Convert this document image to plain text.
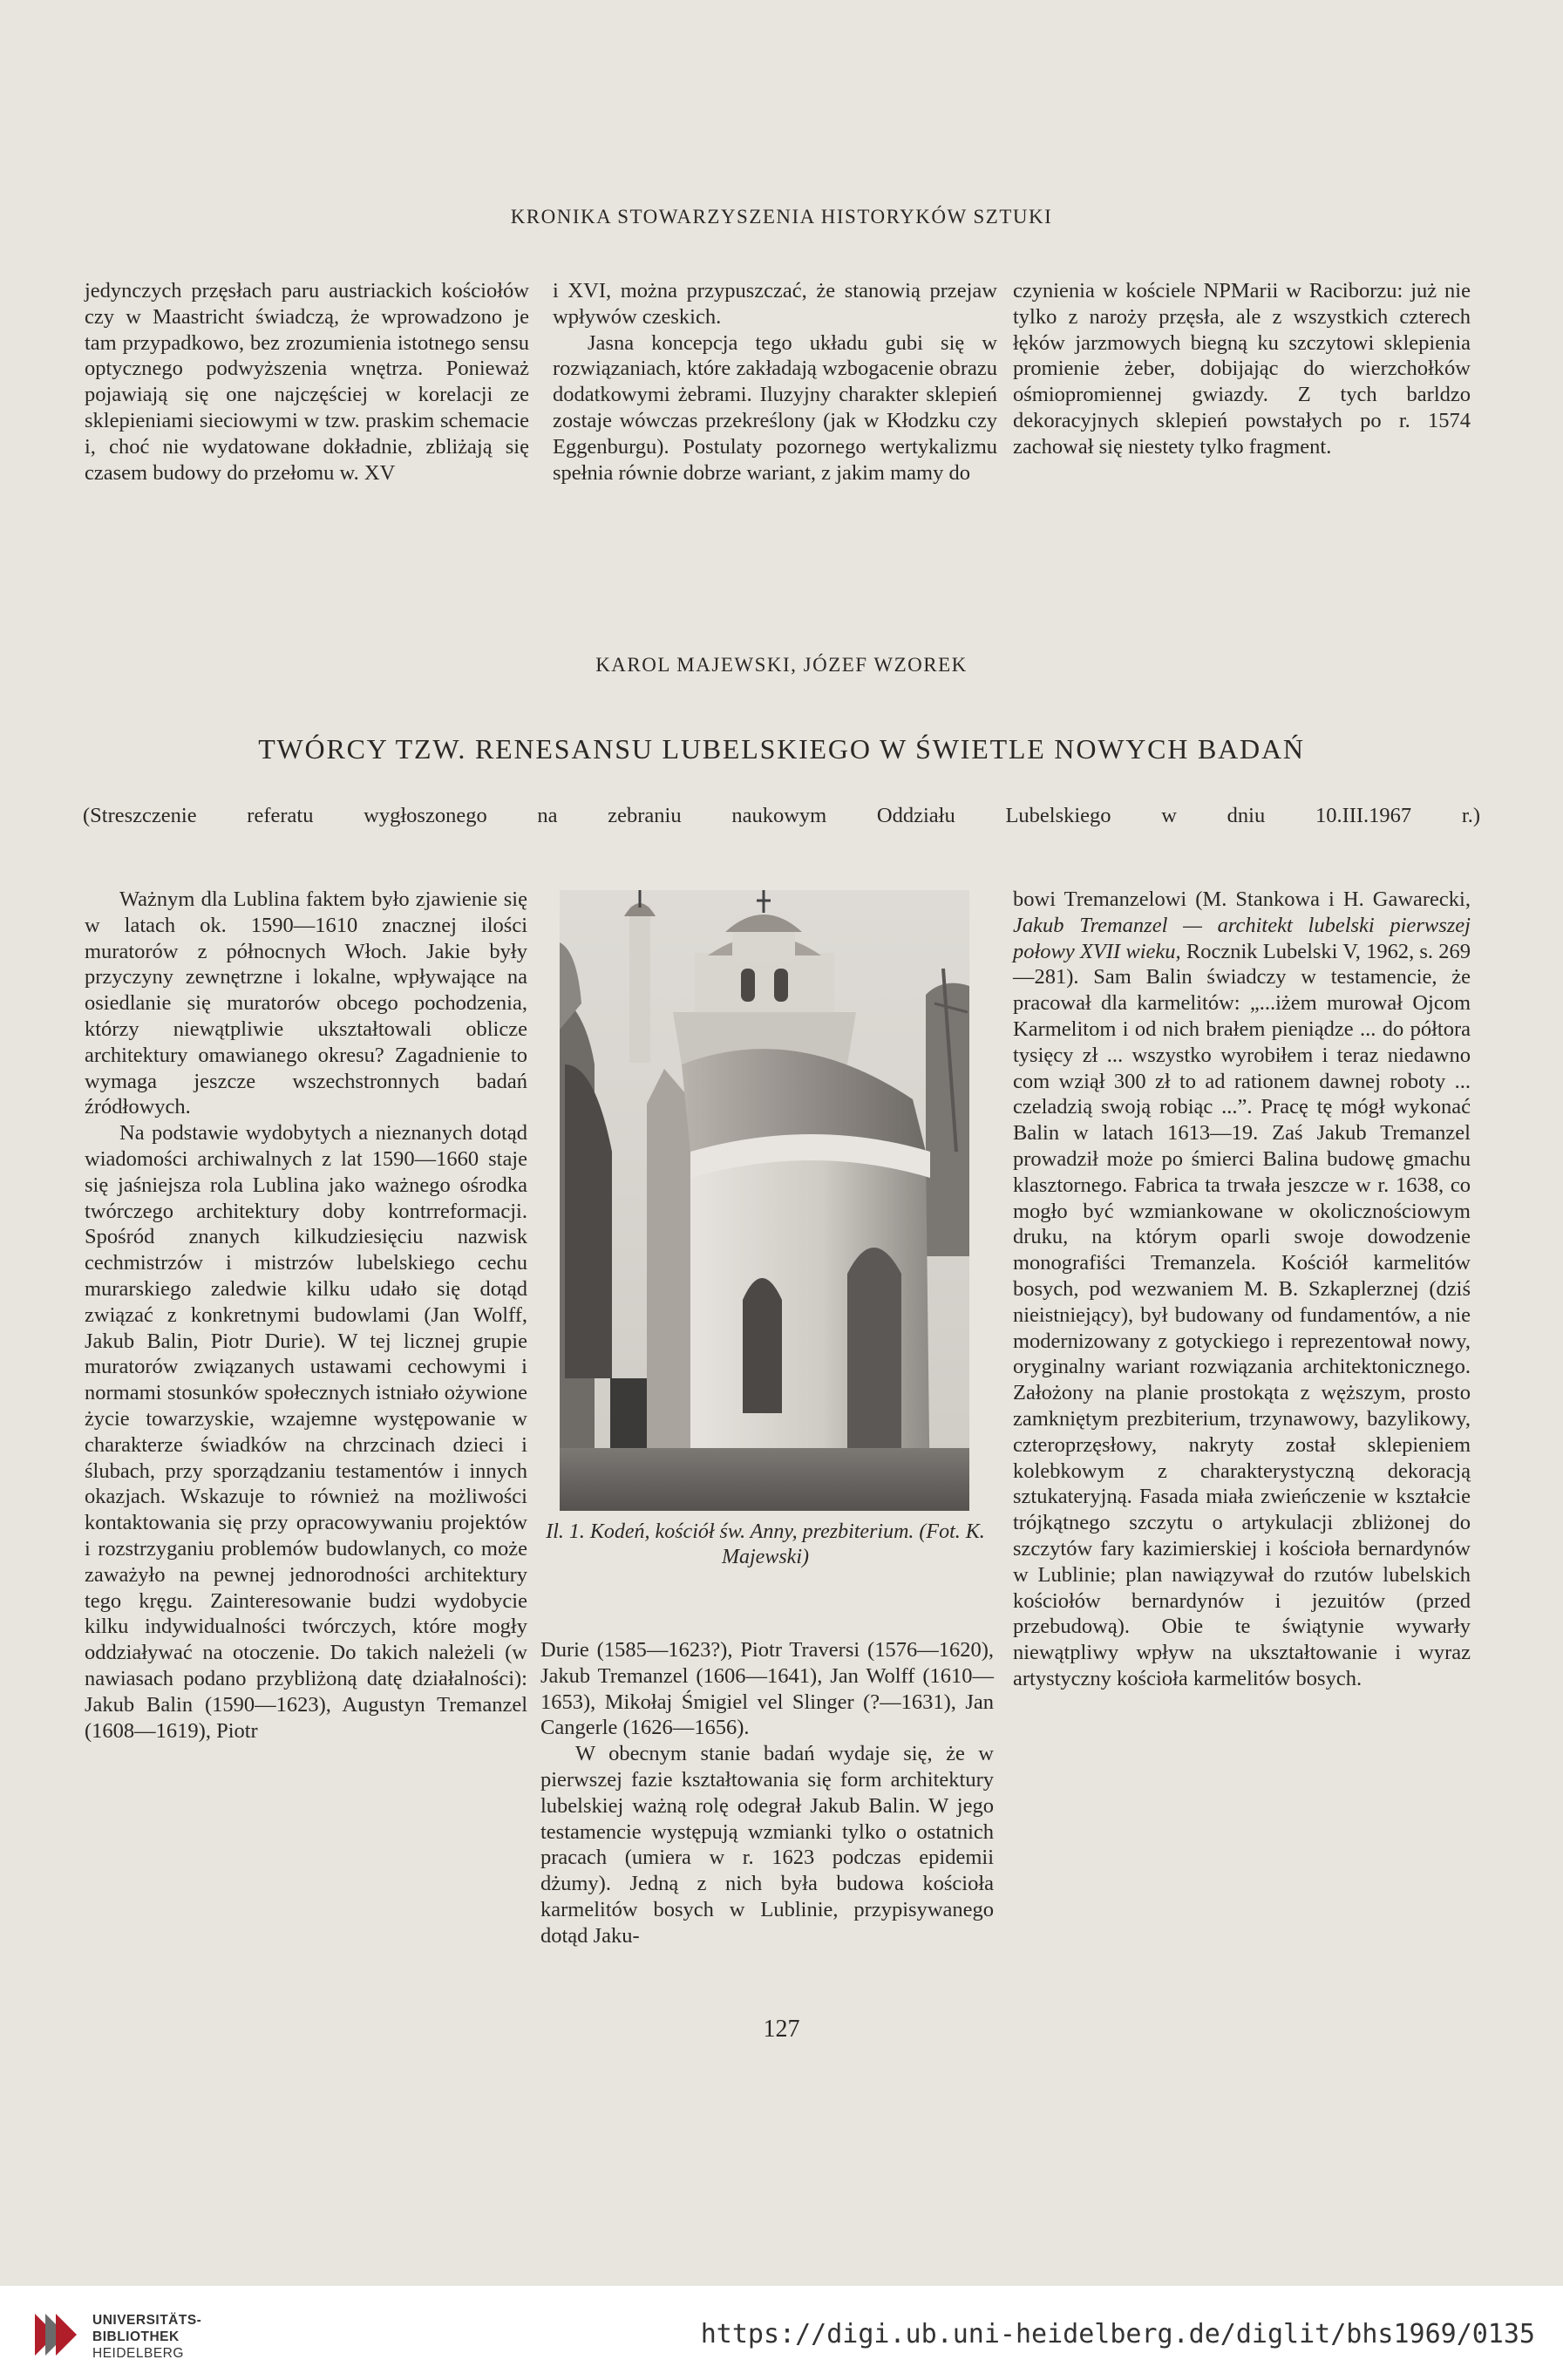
KRONIKA STOWARZYSZENIA HISTORYKÓW SZTUKI

jedynczych przęsłach paru austriackich kościołów czy w Maastricht świadczą, że wprowadzono je tam przypadkowo, bez zrozumienia istotnego sensu optycznego podwyższenia wnętrza. Ponieważ pojawiają się one najczęściej w korelacji ze sklepieniami sieciowymi w tzw. praskim schemacie i, choć nie wydatowane dokładnie, zbliżają się czasem budowy do przełomu w. XV

i XVI, można przypuszczać, że stanowią przejaw wpływów czeskich.

Jasna koncepcja tego układu gubi się w rozwiązaniach, które zakładają wzbogacenie obrazu dodatkowymi żebrami. Iluzyjny charakter sklepień zostaje wówczas przekreślony (jak w Kłodzku czy Eggenburgu). Postulaty pozornego wertykalizmu spełnia równie dobrze wariant, z jakim mamy do

czynienia w kościele NPMarii w Raciborzu: już nie tylko z naroży przęsła, ale z wszystkich czterech łęków jarzmowych biegną ku szczytowi sklepienia promienie żeber, dobijając do wierzchołków ośmiopromiennej gwiazdy. Z tych barldzo dekoracyjnych sklepień powstałych po r. 1574 zachował się niestety tylko fragment.

KAROL MAJEWSKI, JÓZEF WZOREK
TWÓRCY TZW. RENESANSU LUBELSKIEGO W ŚWIETLE NOWYCH BADAŃ
(Streszczenie referatu wygłoszonego na zebraniu naukowym Oddziału Lubelskiego w dniu 10.III.1967 r.)

Ważnym dla Lublina faktem było zjawienie się w latach ok. 1590—1610 znacznej ilości muratorów z północnych Włoch. Jakie były przyczyny zewnętrzne i lokalne, wpływające na osiedlanie się muratorów obcego pochodzenia, którzy niewątpliwie ukształtowali oblicze architektury omawianego okresu? Zagadnienie to wymaga jeszcze wszechstronnych badań źródłowych.

Na podstawie wydobytych a nieznanych dotąd wiadomości archiwalnych z lat 1590—1660 staje się jaśniejsza rola Lublina jako ważnego ośrodka twórczego architektury doby kontrreformacji. Spośród znanych kilkudziesięciu nazwisk cechmistrzów i mistrzów lubelskiego cechu murarskiego zaledwie kilku udało się dotąd związać z konkretnymi budowlami (Jan Wolff, Jakub Balin, Piotr Durie). W tej licznej grupie muratorów związanych ustawami cechowymi i normami stosunków społecznych istniało ożywione życie towarzyskie, wzajemne występowanie w charakterze świadków na chrzcinach dzieci i ślubach, przy sporządzaniu testamentów i innych okazjach. Wskazuje to również na możliwości kontaktowania się przy opracowywaniu projektów i rozstrzyganiu problemów budowlanych, co może zaważyło na pewnej jednorodności architektury tego kręgu. Zainteresowanie budzi wydobycie kilku indywidualności twórczych, które mogły oddziaływać na otoczenie. Do takich należeli (w nawiasach podano przybliżoną datę działalności): Jakub Balin (1590—1623), Augustyn Tremanzel (1608—1619), Piotr

Il. 1. Kodeń, kościół św. Anny, prezbiterium. (Fot. K. Majewski)

Durie (1585—1623?), Piotr Traversi (1576—1620), Jakub Tremanzel (1606—1641), Jan Wolff (1610—1653), Mikołaj Śmigiel vel Slinger (?—1631), Jan Cangerle (1626—1656).

W obecnym stanie badań wydaje się, że w pierwszej fazie kształtowania się form architektury lubelskiej ważną rolę odegrał Jakub Balin. W jego testamencie występują wzmianki tylko o ostatnich pracach (umiera w r. 1623 podczas epidemii dżumy). Jedną z nich była budowa kościoła karmelitów bosych w Lublinie, przypisywanego dotąd Jaku-

bowi Tremanzelowi (M. Stankowa i H. Gawarecki, Jakub Tremanzel — architekt lubelski pierwszej połowy XVII wieku, Rocznik Lubelski V, 1962, s. 269—281). Sam Balin świadczy w testamencie, że pracował dla karmelitów: „...iżem murował Ojcom Karmelitom i od nich brałem pieniądze ... do półtora tysięcy zł ... wszystko wyrobiłem i teraz niedawno com wziął 300 zł to ad rationem dawnej roboty ... czeladzią swoją robiąc ...”. Pracę tę mógł wykonać Balin w latach 1613—19. Zaś Jakub Tremanzel prowadził może po śmierci Balina budowę gmachu klasztornego. Fabrica ta trwała jeszcze w r. 1638, co mogło być wzmiankowane w okolicznościowym druku, na którym oparli swoje dowodzenie monografiści Tremanzela. Kościół karmelitów bosych, pod wezwaniem M. B. Szkaplerznej (dziś nieistniejący), był budowany od fundamentów, a nie modernizowany z gotyckiego i reprezentował nowy, oryginalny wariant rozwiązania architektonicznego. Założony na planie prostokąta z węższym, prosto zamkniętym prezbiterium, trzynawowy, bazylikowy, czteroprzęsłowy, nakryty został sklepieniem kolebkowym z charakterystyczną dekoracją sztukateryjną. Fasada miała zwieńczenie w kształcie trójkątnego szczytu o artykulacji zbliżonej do szczytów fary kazimierskiej i kościoła bernardynów w Lublinie; plan nawiązywał do rzutów lubelskich kościołów bernardynów i jezuitów (przed przebudową). Obie te świątynie wywarły niewątpliwy wpływ na ukształtowanie i wyraz artystyczny kościoła karmelitów bosych.

127
UNIVERSITÄTS-
BIBLIOTHEK
HEIDELBERG
https://digi.ub.uni-heidelberg.de/diglit/bhs1969/0135
